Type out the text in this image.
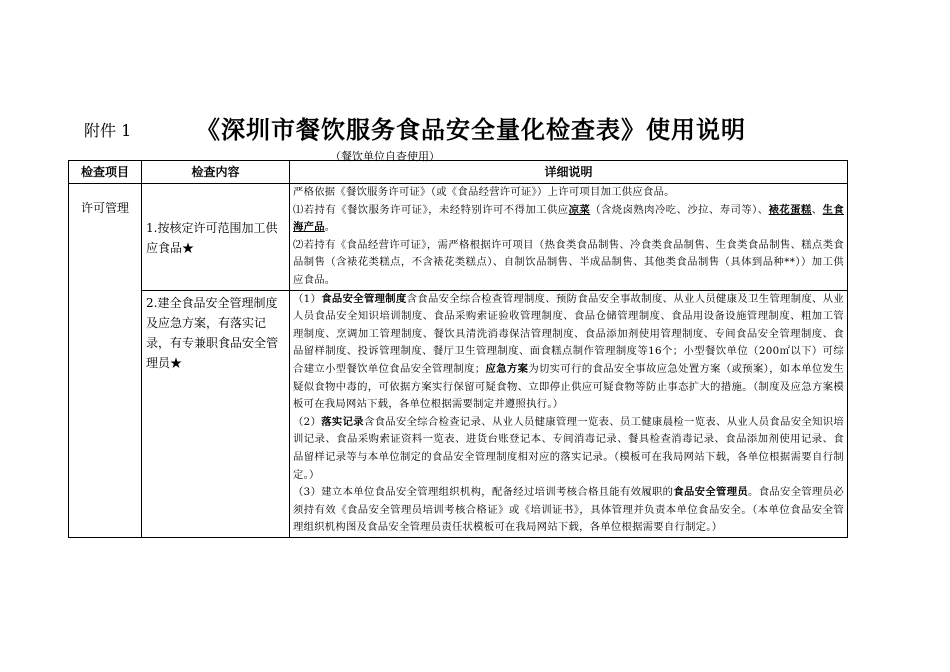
附件 1	《深圳市餐饮服务食品安全量化检查表》使用说明
（餐饮单位自查使用）
检查项目	检查内容	详细说明
许可管理	1.按核定许可范围加工供应食品★	严格依据《餐饮服务许可证》（或《食品经营许可证》）上许可项目加工供应食品。

⑴若持有《餐饮服务许可证》，未经特别许可不得加工供应凉菜（含烧卤熟肉冷吃、沙拉、寿司等）、裱花蛋糕、生食海产品。

⑵若持有《食品经营许可证》，需严格根据许可项目（热食类食品制售、冷食类食品制售、生食类食品制售、糕点类食品制售（含裱花类糕点，不含裱花类糕点）、自制饮品制售、半成品制售、其他类食品制售（具体到品种**））加工供应食品。

	2.建全食品安全管理制度及应急方案，有落实记录，有专兼职食品安全管理员★	（1）食品安全管理制度含食品安全综合检查管理制度、预防食品安全事故制度、从业人员健康及卫生管理制度、从业人员食品安全知识培训制度、食品采购索证验收管理制度、食品仓储管理制度、食品用设备设施管理制度、粗加工管理制度、烹调加工管理制度、餐饮具清洗消毒保洁管理制度、食品添加剂使用管理制度、专间食品安全管理制度、食品留样制度、投诉管理制度、餐厅卫生管理制度、面食糕点制作管理制度等16个；小型餐饮单位（200㎡以下）可综合建立小型餐饮单位食品安全管理制度；应急方案为切实可行的食品安全事故应急处置方案（或预案），如本单位发生疑似食物中毒的，可依据方案实行保留可疑食物、立即停止供应可疑食物等防止事态扩大的措施。（制度及应急方案模板可在我局网站下载，各单位根据需要制定并遵照执行。）

（2）落实记录含食品安全综合检查记录、从业人员健康管理一览表、员工健康晨检一览表、从业人员食品安全知识培训记录、食品采购索证资料一览表、进货台账登记本、专间消毒记录、餐具检查消毒记录、食品添加剂使用记录、食品留样记录等与本单位制定的食品安全管理制度相对应的落实记录。（模板可在我局网站下载，各单位根据需要自行制定。）

（3）建立本单位食品安全管理组织机构，配备经过培训考核合格且能有效履职的食品安全管理员。食品安全管理员必须持有效《食品安全管理员培训考核合格证》或《培训证书》，具体管理并负责本单位食品安全。（本单位食品安全管理组织机构图及食品安全管理员责任状模板可在我局网站下载，各单位根据需要自行制定。）
